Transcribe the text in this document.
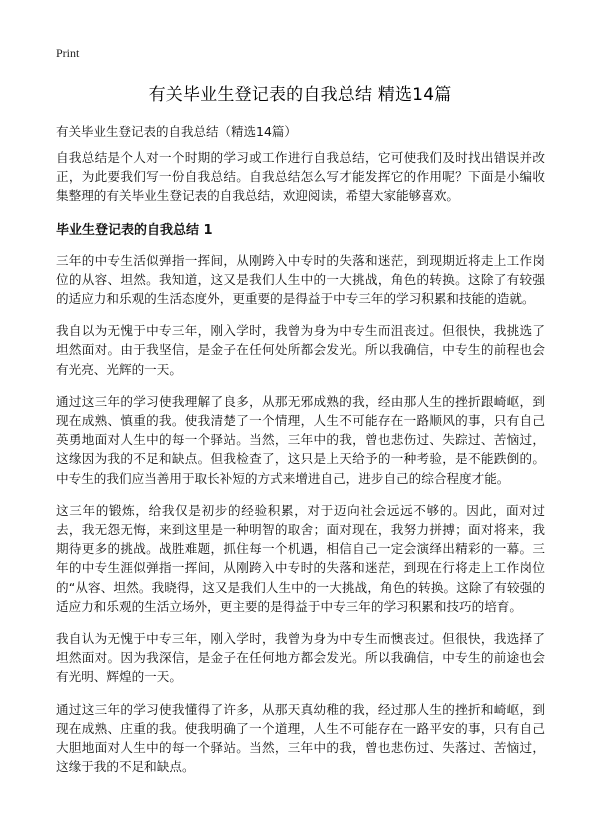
Print
有关毕业生登记表的自我总结 精选14篇
有关毕业生登记表的自我总结（精选14篇）

自我总结是个人对一个时期的学习或工作进行自我总结，它可使我们及时找出错误并改正，为此要我们写一份自我总结。自我总结怎么写才能发挥它的作用呢？下面是小编收集整理的有关毕业生登记表的自我总结，欢迎阅读，希望大家能够喜欢。

毕业生登记表的自我总结 1

三年的中专生活似弹指一挥间，从刚跨入中专时的失落和迷茫，到现期近将走上工作岗位的从容、坦然。我知道，这又是我们人生中的一大挑战，角色的转换。这除了有较强的适应力和乐观的生活态度外，更重要的是得益于中专三年的学习积累和技能的造就。

我自以为无愧于中专三年，刚入学时，我曾为身为中专生而沮丧过。但很快，我挑选了坦然面对。由于我坚信，是金子在任何处所都会发光。所以我确信，中专生的前程也会有光亮、光辉的一天。

通过这三年的学习使我理解了良多，从那无邪成熟的我，经由那人生的挫折跟崎岖，到现在成熟、慎重的我。使我清楚了一个情理，人生不可能存在一路顺风的事，只有自己英勇地面对人生中的每一个驿站。当然，三年中的我，曾也悲伤过、失踪过、苦恼过，这缘因为我的不足和缺点。但我检查了，这只是上天给予的一种考验，是不能跌倒的。中专生的我们应当善用于取长补短的方式来增进自己，进步自己的综合程度才能。

这三年的锻炼，给我仅是初步的经验积累，对于迈向社会远远不够的。因此，面对过去，我无怨无悔，来到这里是一种明智的取舍；面对现在，我努力拼搏；面对将来，我期待更多的挑战。战胜难题，抓住每一个机遇，相信自己一定会演绎出精彩的一幕。三年的中专生涯似弹指一挥间，从刚跨入中专时的失落和迷茫，到现在行将走上工作岗位的“从容、坦然。我晓得，这又是我们人生中的一大挑战，角色的转换。这除了有较强的适应力和乐观的生活立场外，更主要的是得益于中专三年的学习积累和技巧的培育。

我自认为无愧于中专三年，刚入学时，我曾为身为中专生而懊丧过。但很快，我选择了坦然面对。因为我深信，是金子在任何地方都会发光。所以我确信，中专生的前途也会有光明、辉煌的一天。

通过这三年的学习使我懂得了许多，从那天真幼稚的我，经过那人生的挫折和崎岖，到现在成熟、庄重的我。使我明确了一个道理，人生不可能存在一路平安的事，只有自己大胆地面对人生中的每一个驿站。当然，三年中的我，曾也悲伤过、失落过、苦恼过，这缘于我的不足和缺点。
